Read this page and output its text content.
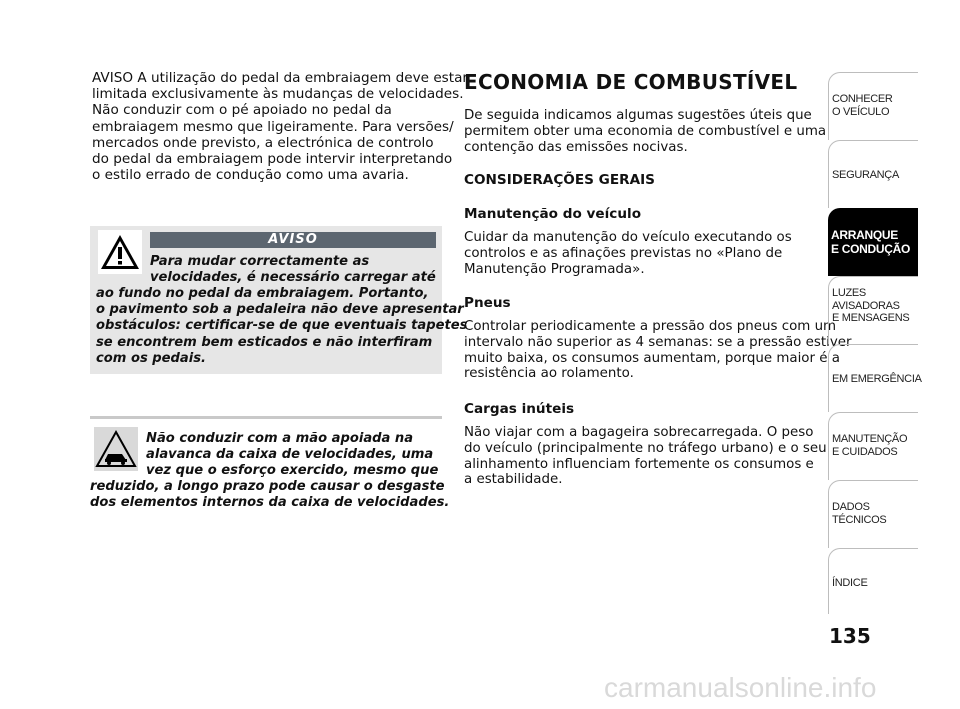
AVISO A utilização do pedal da embraiagem deve estar
limitada exclusivamente às mudanças de velocidades.
Não conduzir com o pé apoiado no pedal da
embraiagem mesmo que ligeiramente. Para versões/
mercados onde previsto, a electrónica de controlo
do pedal da embraiagem pode intervir interpretando
o estilo errado de condução como uma avaria.
AVISO
Para mudar correctamente as
velocidades, é necessário carregar até
ao fundo no pedal da embraiagem. Portanto,
o pavimento sob a pedaleira não deve apresentar
obstáculos: certificar-se de que eventuais tapetes
se encontrem bem esticados e não interfiram
com os pedais.
Não conduzir com a mão apoiada na
alavanca da caixa de velocidades, uma
vez que o esforço exercido, mesmo que
reduzido, a longo prazo pode causar o desgaste
dos elementos internos da caixa de velocidades.
ECONOMIA DE COMBUSTÍVEL
De seguida indicamos algumas sugestões úteis que
permitem obter uma economia de combustível e uma
contenção das emissões nocivas.
CONSIDERAÇÕES GERAIS
Manutenção do veículo
Cuidar da manutenção do veículo executando os
controlos e as afinações previstas no «Plano de
Manutenção Programada».
Pneus
Controlar periodicamente a pressão dos pneus com um
intervalo não superior as 4 semanas: se a pressão estiver
muito baixa, os consumos aumentam, porque maior é a
resistência ao rolamento.
Cargas inúteis
Não viajar com a bagageira sobrecarregada. O peso
do veículo (principalmente no tráfego urbano) e o seu
alinhamento influenciam fortemente os consumos e
a estabilidade.
CONHECER
O VEÍCULO
SEGURANÇA
ARRANQUE
E CONDUÇÃO
LUZES
AVISADORAS
E MENSAGENS
EM EMERGÊNCIA
MANUTENÇÃO
E CUIDADOS
DADOS
TÉCNICOS
ÍNDICE
135
carmanualsonline.info
